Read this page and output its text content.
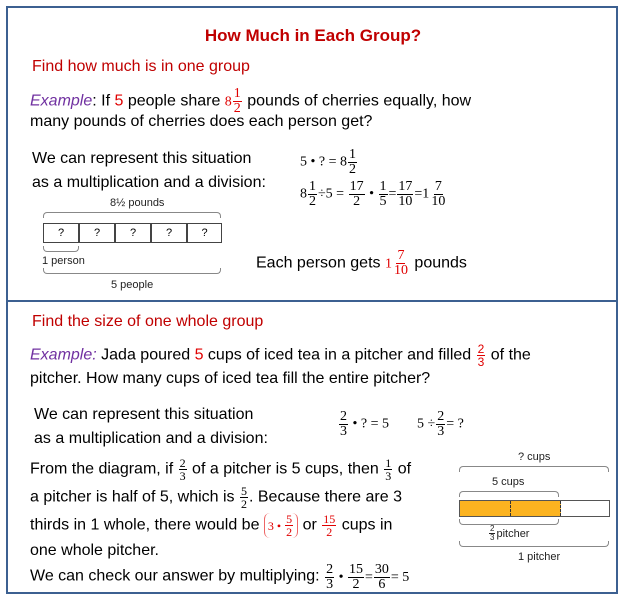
How Much in Each Group?
Find how much is in one group
Example: If 5 people share $8 \frac{1}{2}$ pounds of cherries equally, how
many pounds of cherries does each person get?
We can represent this situation
as a multiplication and a division:
5 • ? = $8 \frac{1}{2}$
$8 \frac{1}{2} \div 5 = \frac{17}{2}$ • $\frac{1}{5} = \frac{17}{10} =1 \frac{7}{10}$
8½ pounds
?	?	?	?	?
1 person
5 people
Each person gets $1 \frac{7}{10}$ pounds
Find the size of one whole group
Example: Jada poured 5 cups of iced tea in a pitcher and filled $\frac{2}{3}$ of the
pitcher. How many cups of iced tea fill the entire pitcher?
We can represent this situation
as a multiplication and a division:	$\frac{2}{3}$ • ? = 5 $5 \div \frac{2}{3}$ = ?
From the diagram, if $\frac{2}{3}$ of a pitcher is 5 cups, then $\frac{1}{3}$ of
a pitcher is half of 5, which is $\frac{5}{2}$ . Because there are 3
thirds in 1 whole, there would be 3 •
$\frac{5}{2}$ or $\frac{15}{2}$ cups in
one whole pitcher.
We can check our answer by multiplying: $\frac{2}{3}$ • $\frac{15}{2} = \frac{30}{6} = 5$
? cups
5 cups
$\frac{2}{3}$ pitcher
1 pitcher
